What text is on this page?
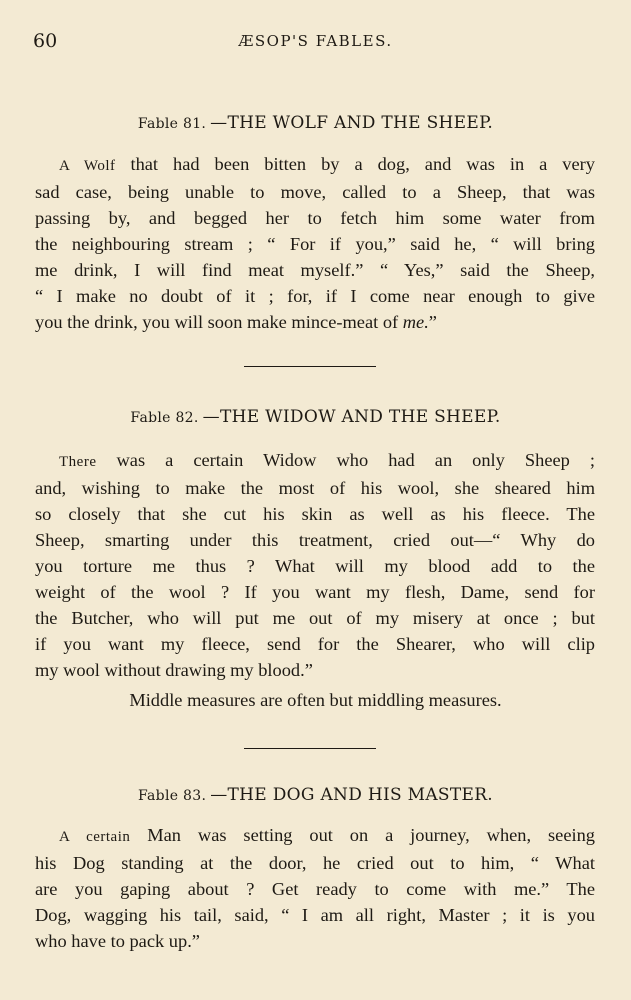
60	ÆSOP'S FABLES.
Fable 81. —THE WOLF AND THE SHEEP.
A Wolf that had been bitten by a dog, and was in a very
sad case, being unable to move, called to a Sheep, that was
passing by, and begged her to fetch him some water from
the neighbouring stream ; “ For if you,” said he, “ will bring
me drink, I will find meat myself.” “ Yes,” said the Sheep,
“ I make no doubt of it ; for, if I come near enough to give
you the drink, you will soon make mince-meat of me.”
Fable 82. —THE WIDOW AND THE SHEEP.
There was a certain Widow who had an only Sheep ;
and, wishing to make the most of his wool, she sheared him
so closely that she cut his skin as well as his fleece. The
Sheep, smarting under this treatment, cried out—“ Why do
you torture me thus ? What will my blood add to the
weight of the wool ? If you want my flesh, Dame, send for
the Butcher, who will put me out of my misery at once ; but
if you want my fleece, send for the Shearer, who will clip
my wool without drawing my blood.”
Middle measures are often but middling measures.
Fable 83. —THE DOG AND HIS MASTER.
A certain Man was setting out on a journey, when, seeing
his Dog standing at the door, he cried out to him, “ What
are you gaping about ? Get ready to come with me.” The
Dog, wagging his tail, said, “ I am all right, Master ; it is you
who have to pack up.”
